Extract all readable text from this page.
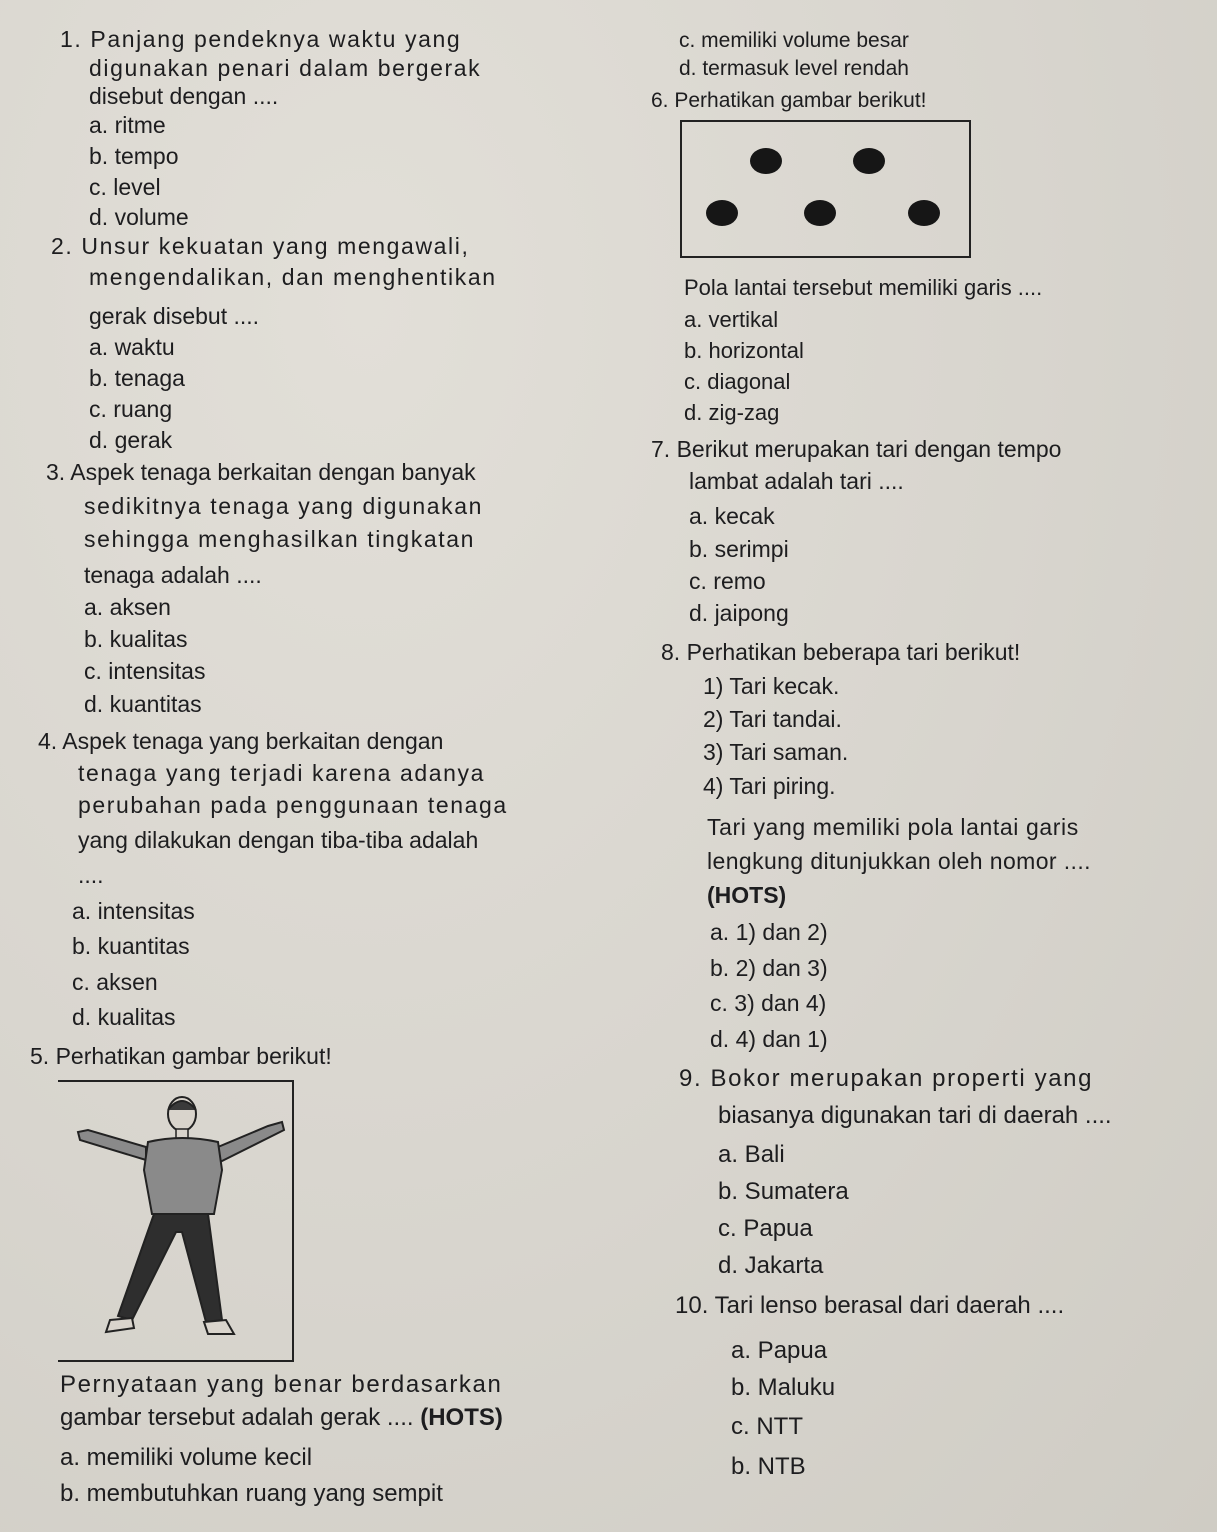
1. Panjang pendeknya waktu yang
digunakan penari dalam bergerak
disebut dengan ....
a. ritme
b. tempo
c. level
d. volume
2. Unsur kekuatan yang mengawali,
mengendalikan, dan menghentikan
gerak disebut ....
a. waktu
b. tenaga
c. ruang
d. gerak
3. Aspek tenaga berkaitan dengan banyak
sedikitnya tenaga yang digunakan
sehingga menghasilkan tingkatan
tenaga adalah ....
a. aksen
b. kualitas
c. intensitas
d. kuantitas
4. Aspek tenaga yang berkaitan dengan
tenaga yang terjadi karena adanya
perubahan pada penggunaan tenaga
yang dilakukan dengan tiba-tiba adalah
....
a. intensitas
b. kuantitas
c. aksen
d. kualitas
5. Perhatikan gambar berikut!
Pernyataan yang benar berdasarkan
gambar tersebut adalah gerak .... (HOTS)
a. memiliki volume kecil
b. membutuhkan ruang yang sempit
c. memiliki volume besar
d. termasuk level rendah
6. Perhatikan gambar berikut!
Pola lantai tersebut memiliki garis ....
a. vertikal
b. horizontal
c. diagonal
d. zig-zag
7. Berikut merupakan tari dengan tempo
lambat adalah tari ....
a. kecak
b. serimpi
c. remo
d. jaipong
8. Perhatikan beberapa tari berikut!
1) Tari kecak.
2) Tari tandai.
3) Tari saman.
4) Tari piring.
Tari yang memiliki pola lantai garis
lengkung ditunjukkan oleh nomor ....
(HOTS)
a. 1) dan 2)
b. 2) dan 3)
c. 3) dan 4)
d. 4) dan 1)
9. Bokor merupakan properti yang
biasanya digunakan tari di daerah ....
a. Bali
b. Sumatera
c. Papua
d. Jakarta
10. Tari lenso berasal dari daerah ....
a. Papua
b. Maluku
c. NTT
b. NTB
